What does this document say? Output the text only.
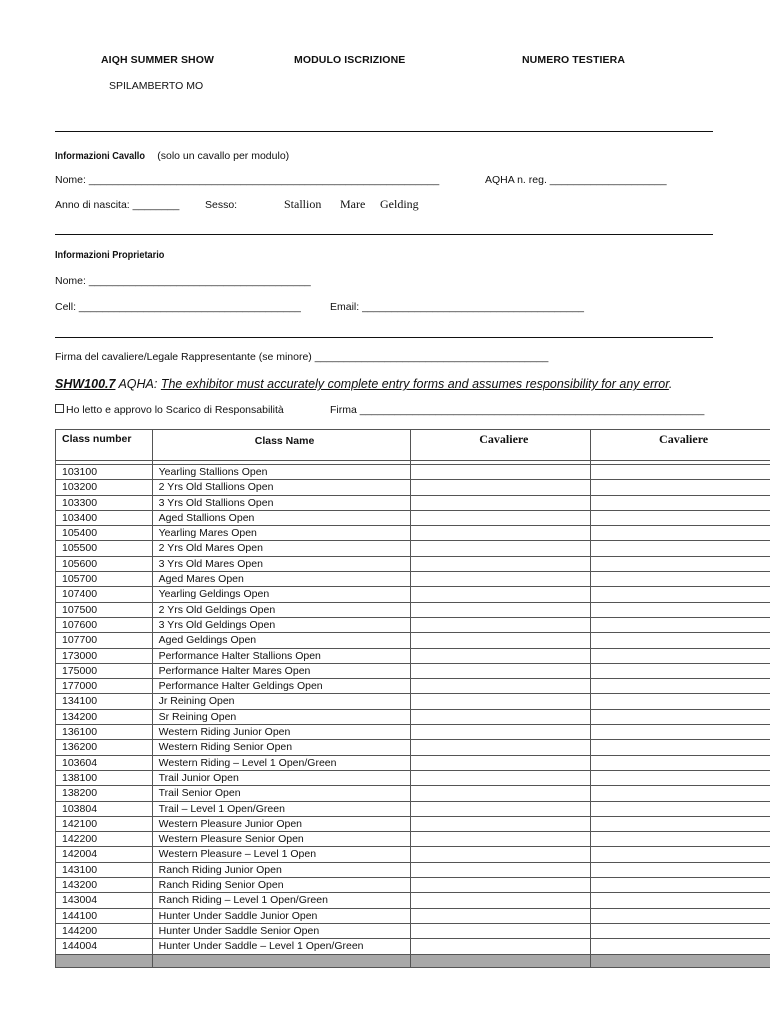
AIQH SUMMER SHOW	MODULO ISCRIZIONE	NUMERO TESTIERA
SPILAMBERTO MO
Informazioni Cavallo (solo un cavallo per modulo)
Nome: ____________________________________________________________	AQHA n. reg. ____________________
Anno di nascita: ________ Sesso:	Stallion Mare Gelding
Informazioni Proprietario
Nome: ______________________________________
Cell: ______________________________________	Email: ______________________________________
Firma del cavaliere/Legale Rappresentante (se minore) ________________________________________
SHW100.7 AQHA: The exhibitor must accurately complete entry forms and assumes responsibility for any error.
Ho letto e approvo lo Scarico di Responsabilità	Firma ___________________________________________________________
Class number	Class Name	Cavaliere	Cavaliere

103100	Yearling Stallions Open		
103200	2 Yrs Old Stallions Open		
103300	3 Yrs Old Stallions Open		
103400	Aged Stallions Open		
105400	Yearling Mares Open		
105500	2 Yrs Old Mares Open		
105600	3 Yrs Old Mares Open		
105700	Aged Mares Open		
107400	Yearling Geldings Open		
107500	2 Yrs Old Geldings Open		
107600	3 Yrs Old Geldings Open		
107700	Aged Geldings Open		
173000	Performance Halter Stallions Open		
175000	Performance Halter Mares Open		
177000	Performance Halter Geldings Open		
134100	Jr Reining Open		
134200	Sr Reining Open		
136100	Western Riding Junior Open		
136200	Western Riding Senior Open		
103604	Western Riding – Level 1 Open/Green		
138100	Trail Junior Open		
138200	Trail Senior Open		
103804	Trail – Level 1 Open/Green		
142100	Western Pleasure Junior Open		
142200	Western Pleasure Senior Open		
142004	Western Pleasure – Level 1 Open		
143100	Ranch Riding Junior Open		
143200	Ranch Riding Senior Open		
143004	Ranch Riding – Level 1 Open/Green		
144100	Hunter Under Saddle Junior Open		
144200	Hunter Under Saddle Senior Open		
144004	Hunter Under Saddle – Level 1 Open/Green		
